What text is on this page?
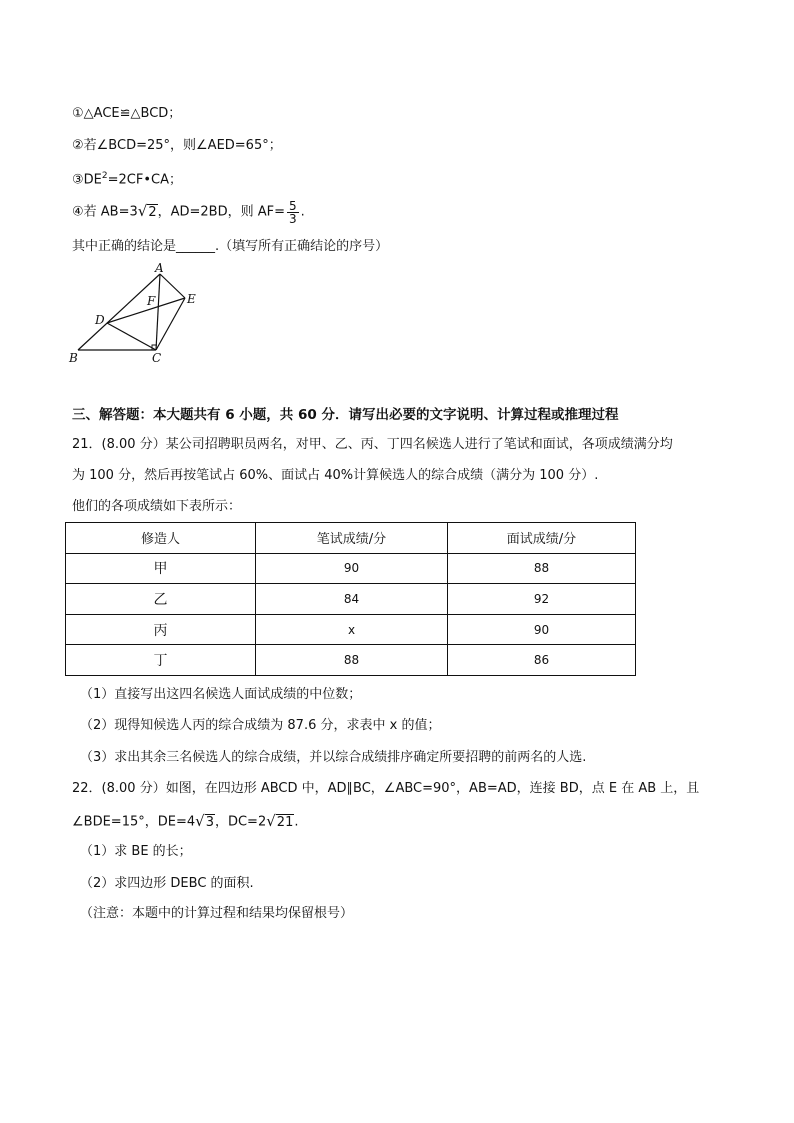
①△ACE≌△BCD；
②若∠BCD=25°，则∠AED=65°；
$③DE^2=2CF•CA$；
④若 AB=3√2，AD=2BD，则 $AF= \frac{5}{3}$ .
其中正确的结论是______.（填写所有正确结论的序号）
A
B	C
D
E
F
三、解答题：本大题共有 6 小题，共 60 分．请写出必要的文字说明、计算过程或推理过程
21．(8.00 分）某公司招聘职员两名，对甲、乙、丙、丁四名候选人进行了笔试和面试，各项成绩满分均
为 100 分，然后再按笔试占 60%、面试占 40%计算候选人的综合成绩（满分为 100 分）.
他们的各项成绩如下表所示：
修造人	笔试成绩/分	面试成绩/分
甲	90	88
乙	84	92
丙	x	90
丁	88	86
（1）直接写出这四名候选人面试成绩的中位数；
（2）现得知候选人丙的综合成绩为 87.6 分，求表中 x 的值；
（3）求出其余三名候选人的综合成绩，并以综合成绩排序确定所要招聘的前两名的人选.
22．(8.00 分）如图，在四边形 ABCD 中，AD∥BC，∠ABC=90°，AB=AD，连接 BD，点 E 在 AB 上，且
∠BDE=15°，DE=4√3，DC=2√21.
（1）求 BE 的长；
（2）求四边形 DEBC 的面积.
（注意：本题中的计算过程和结果均保留根号）
